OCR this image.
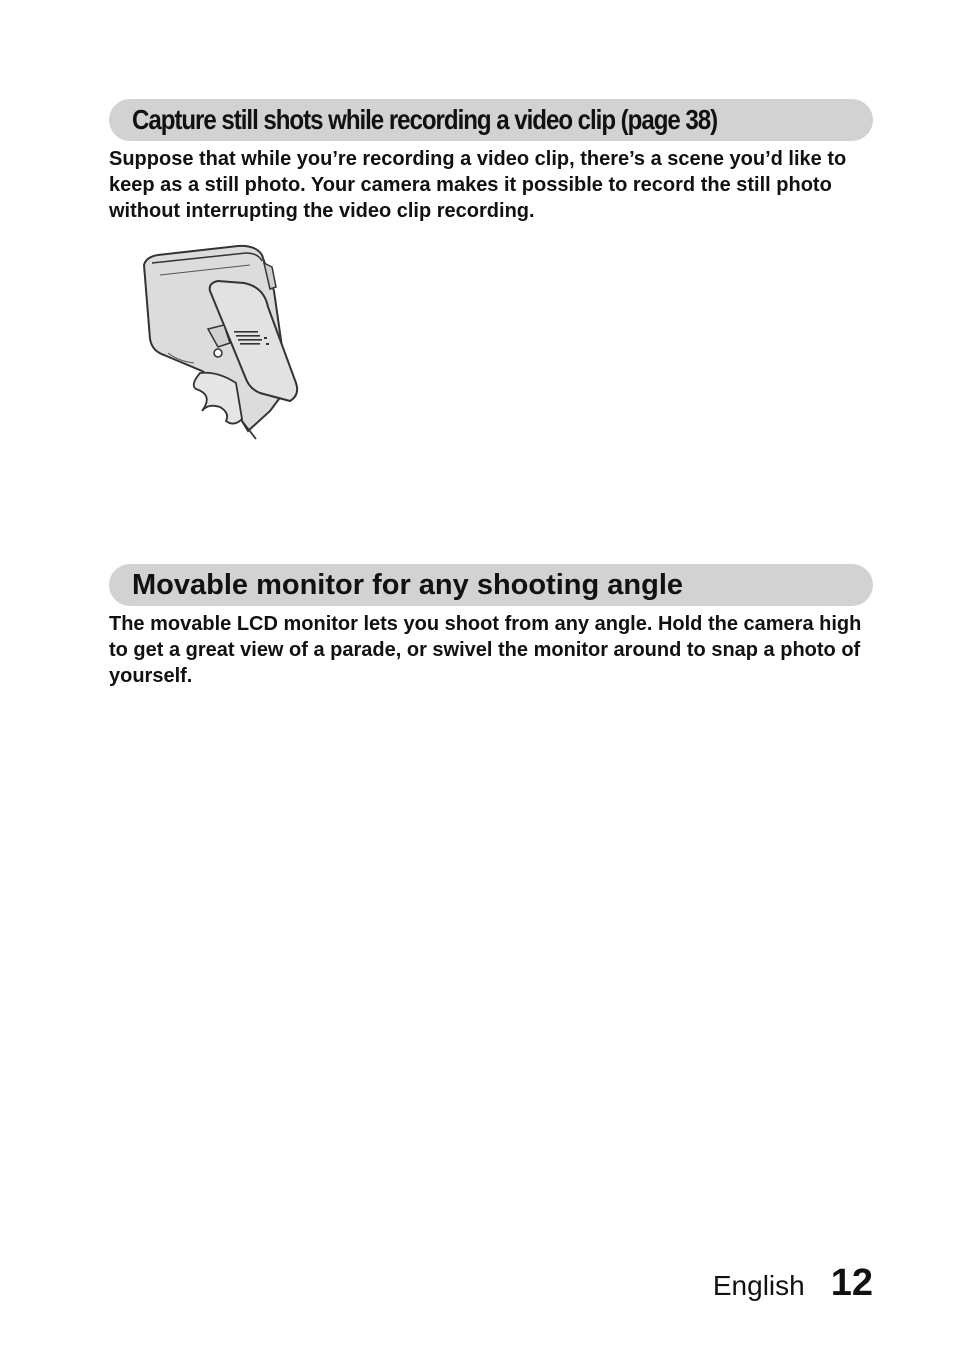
Capture still shots while recording a video clip (page 38)

Suppose that while you’re recording a video clip, there’s a scene you’d like to keep as a still photo. Your camera makes it possible to record the still photo without interrupting the video clip recording.

Movable monitor for any shooting angle

The movable LCD monitor lets you shoot from any angle. Hold the camera high to get a great view of a parade, or swivel the monitor around to snap a photo of yourself.

English 12
